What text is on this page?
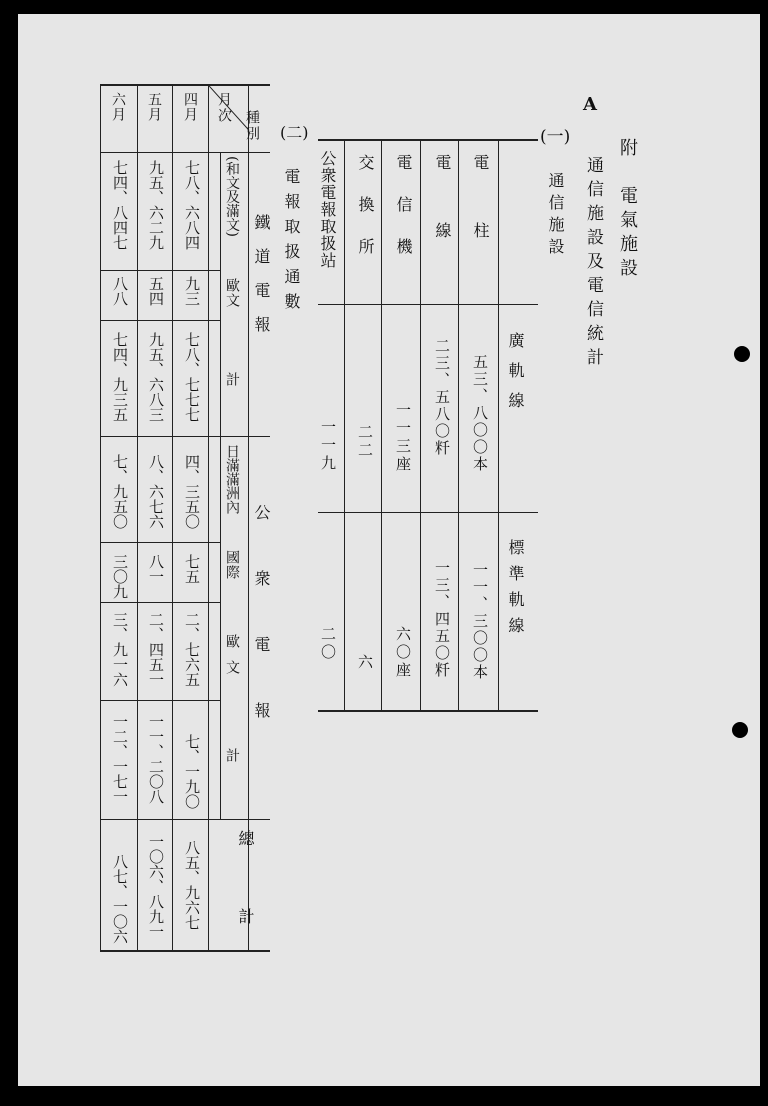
A
附　電氣施設
(一)
通信施設及電信統計
通信施設
廣軌線
標準軌線
電柱
電線
電信機
交換所
公衆電報取扱站
五三、八〇〇本
一一、三〇〇本
二三、五八〇粁
一三、四五〇粁
一一三座
六〇座
二二
六
一一九
二〇
(二)
電報取扱通數
種別
月次
鐵道電報
公衆電報
總計
(和文及滿文)
歐文
計
日滿滿洲內
國際
歐文
計
四月
七八、六八四
九三
七八、七七七
四、三五〇
七五
二、七六五
七、一九〇
八五、九六七
五月
九五、六二九
五四
九五、六八三
八、六七六
八一
二、四五一
一一、二〇八
一〇六、八九一
六月
七四、八四七
八八
七四、九三五
七、九五〇
三〇九
三、九一六
一二、一七一
八七、一〇六
